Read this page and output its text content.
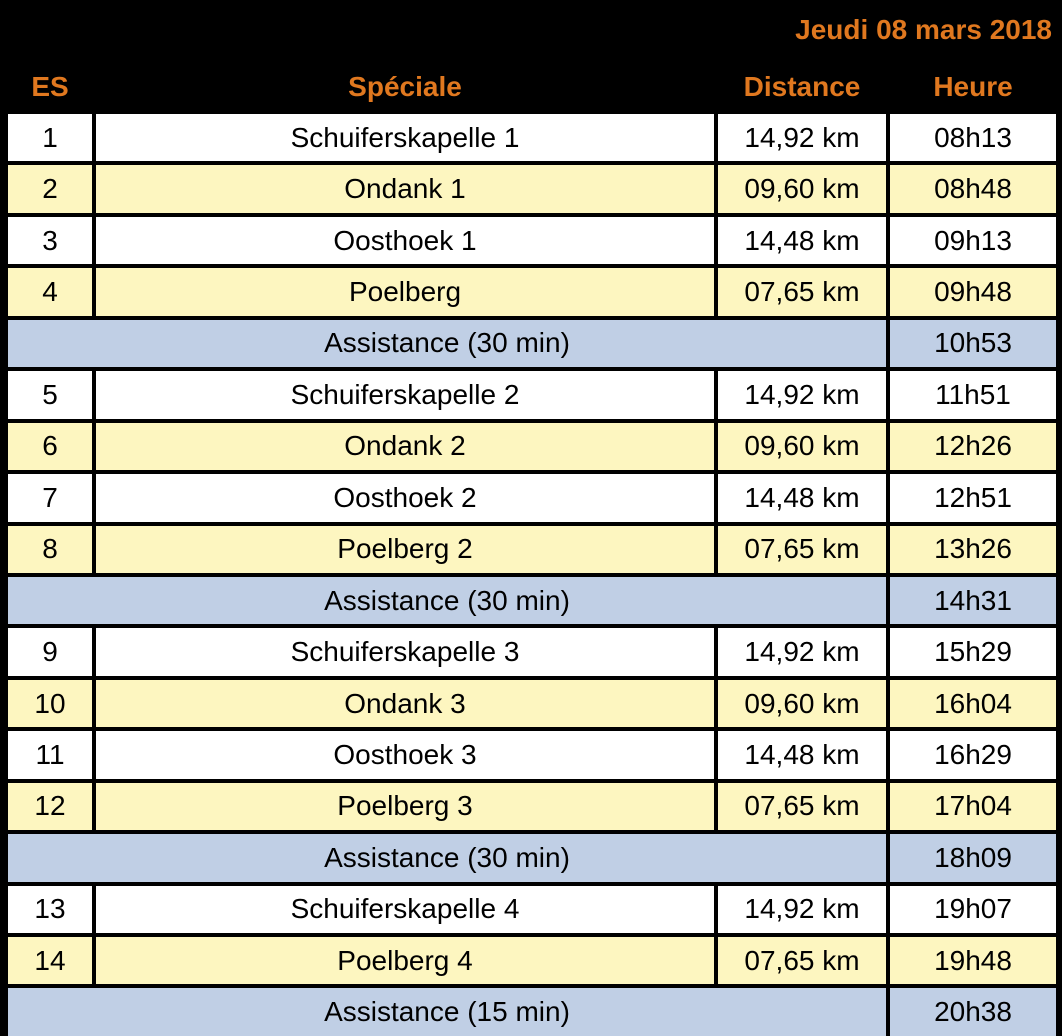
Jeudi 08 mars 2018
ES	Spéciale	Distance	Heure
1	Schuiferskapelle 1	14,92 km	08h13
2	Ondank 1	09,60 km	08h48
3	Oosthoek 1	14,48 km	09h13
4	Poelberg	07,65 km	09h48
Assistance (30 min)	10h53
5	Schuiferskapelle 2	14,92 km	11h51
6	Ondank 2	09,60 km	12h26
7	Oosthoek 2	14,48 km	12h51
8	Poelberg 2	07,65 km	13h26
Assistance (30 min)	14h31
9	Schuiferskapelle 3	14,92 km	15h29
10	Ondank 3	09,60 km	16h04
11	Oosthoek 3	14,48 km	16h29
12	Poelberg 3	07,65 km	17h04
Assistance (30 min)	18h09
13	Schuiferskapelle 4	14,92 km	19h07
14	Poelberg 4	07,65 km	19h48
Assistance (15 min)	20h38
